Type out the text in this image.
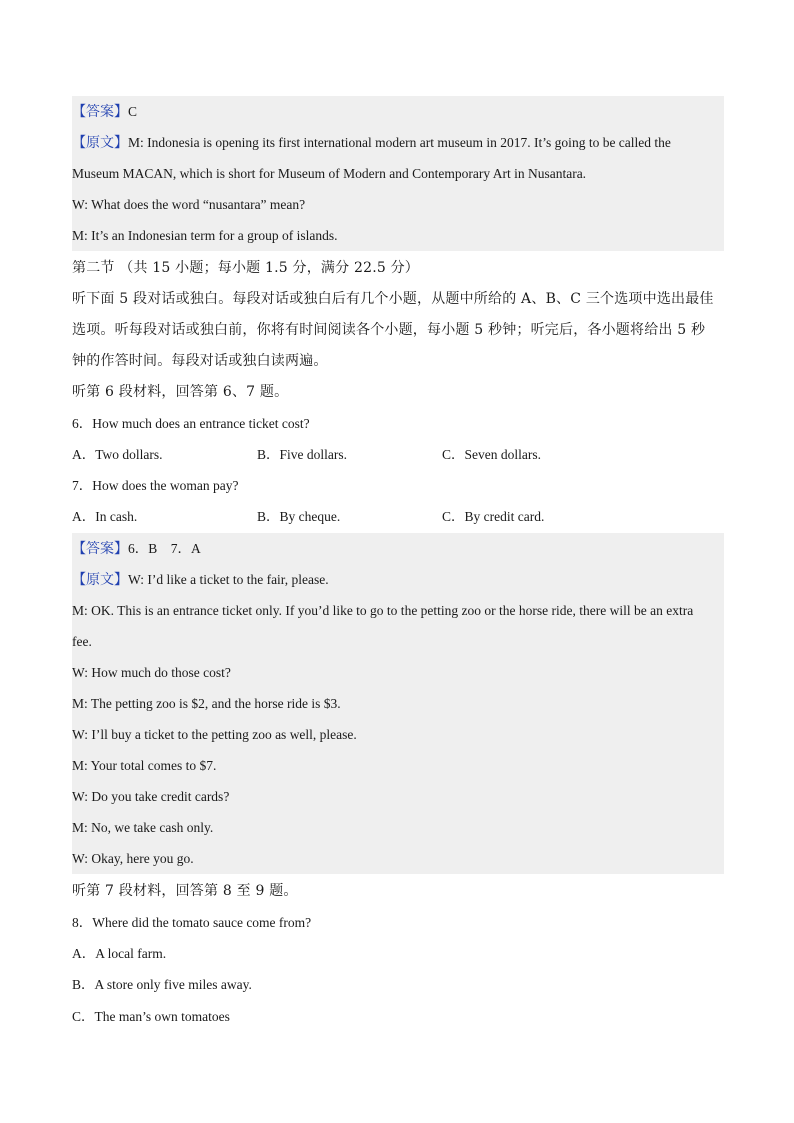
【答案】C
【原文】M: Indonesia is opening its first international modern art museum in 2017. It’s going to be called the
Museum MACAN, which is short for Museum of Modern and Contemporary Art in Nusantara.
W: What does the word “nusantara” mean?
M: It’s an Indonesian term for a group of islands.
第二节 （共 15 小题；每小题 1.5 分，满分 22.5 分）
听下面 5 段对话或独白。每段对话或独白后有几个小题，从题中所给的 A、B、C 三个选项中选出最佳
选项。听每段对话或独白前，你将有时间阅读各个小题，每小题 5 秒钟；听完后，各小题将给出 5 秒
钟的作答时间。每段对话或独白读两遍。
听第 6 段材料，回答第 6、7 题。
6．How much does an entrance ticket cost?
A．Two dollars.	B．Five dollars.	C．Seven dollars.
7．How does the woman pay?
A．In cash.	B．By cheque.	C．By credit card.
【答案】6．B　7．A
【原文】W: I’d like a ticket to the fair, please.
M: OK. This is an entrance ticket only. If you’d like to go to the petting zoo or the horse ride, there will be an extra
fee.
W: How much do those cost?
M: The petting zoo is $2, and the horse ride is $3.
W: I’ll buy a ticket to the petting zoo as well, please.
M: Your total comes to $7.
W: Do you take credit cards?
M: No, we take cash only.
W: Okay, here you go.
听第 7 段材料，回答第 8 至 9 题。
8．Where did the tomato sauce come from?
A．A local farm.
B．A store only five miles away.
C．The man’s own tomatoes
